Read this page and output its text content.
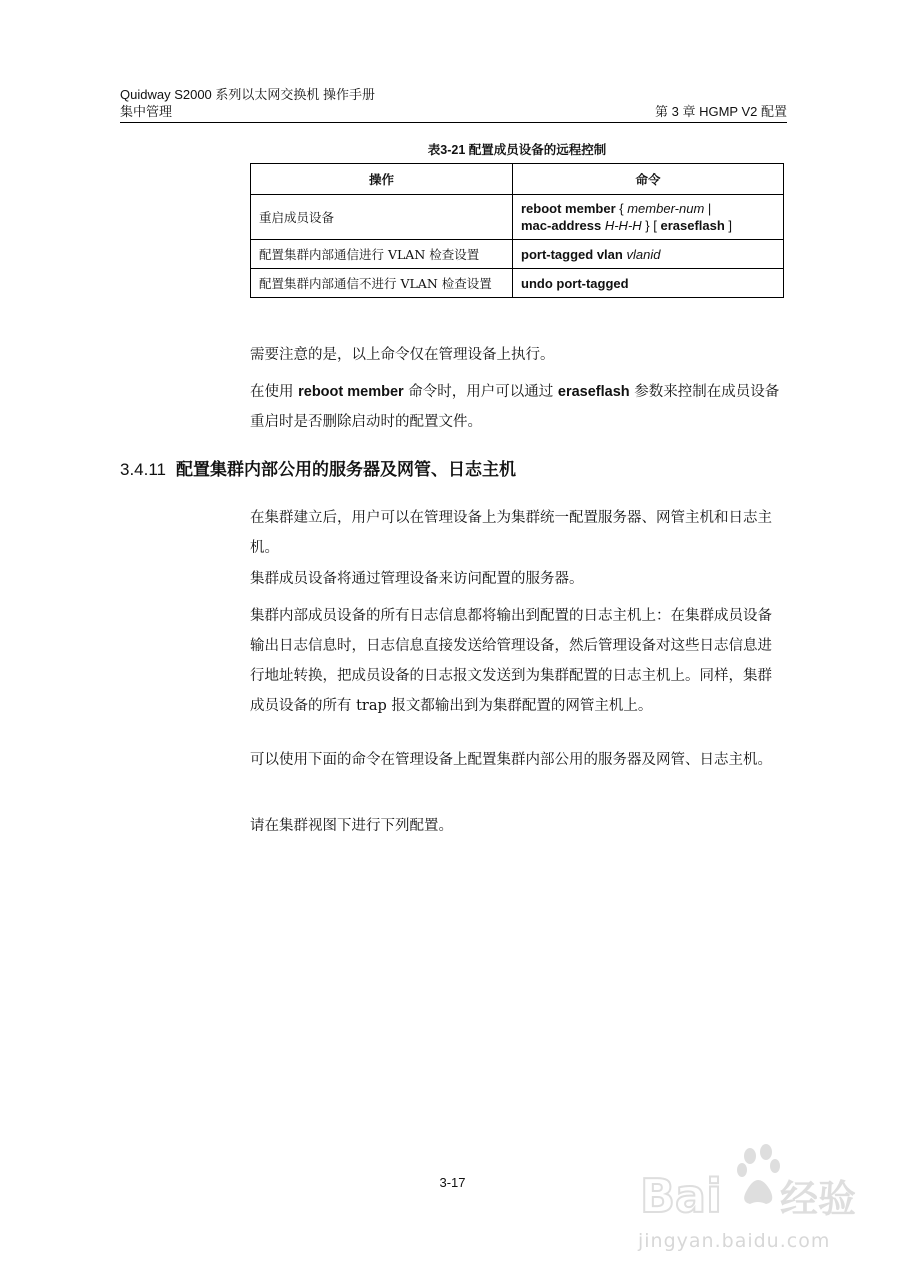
Quidway S2000 系列以太网交换机 操作手册
集中管理	第 3 章 HGMP V2 配置
表3-21 配置成员设备的远程控制
操作	命令
重启成员设备	reboot member { member-num |
mac-address H-H-H } [ eraseflash ]
配置集群内部通信进行 VLAN 检查设置	port-tagged vlan vlanid
配置集群内部通信不进行 VLAN 检查设置	undo port-tagged
需要注意的是，以上命令仅在管理设备上执行。
在使用 reboot member 命令时，用户可以通过 eraseflash 参数来控制在成员设备重启时是否删除启动时的配置文件。
3.4.11 配置集群内部公用的服务器及网管、日志主机
在集群建立后，用户可以在管理设备上为集群统一配置服务器、网管主机和日志主机。
集群成员设备将通过管理设备来访问配置的服务器。
集群内部成员设备的所有日志信息都将输出到配置的日志主机上：在集群成员设备输出日志信息时，日志信息直接发送给管理设备，然后管理设备对这些日志信息进行地址转换，把成员设备的日志报文发送到为集群配置的日志主机上。同样，集群成员设备的所有 trap 报文都输出到为集群配置的网管主机上。
可以使用下面的命令在管理设备上配置集群内部公用的服务器及网管、日志主机。
请在集群视图下进行下列配置。
3-17	Bai 经验
jingyan.baidu.com
